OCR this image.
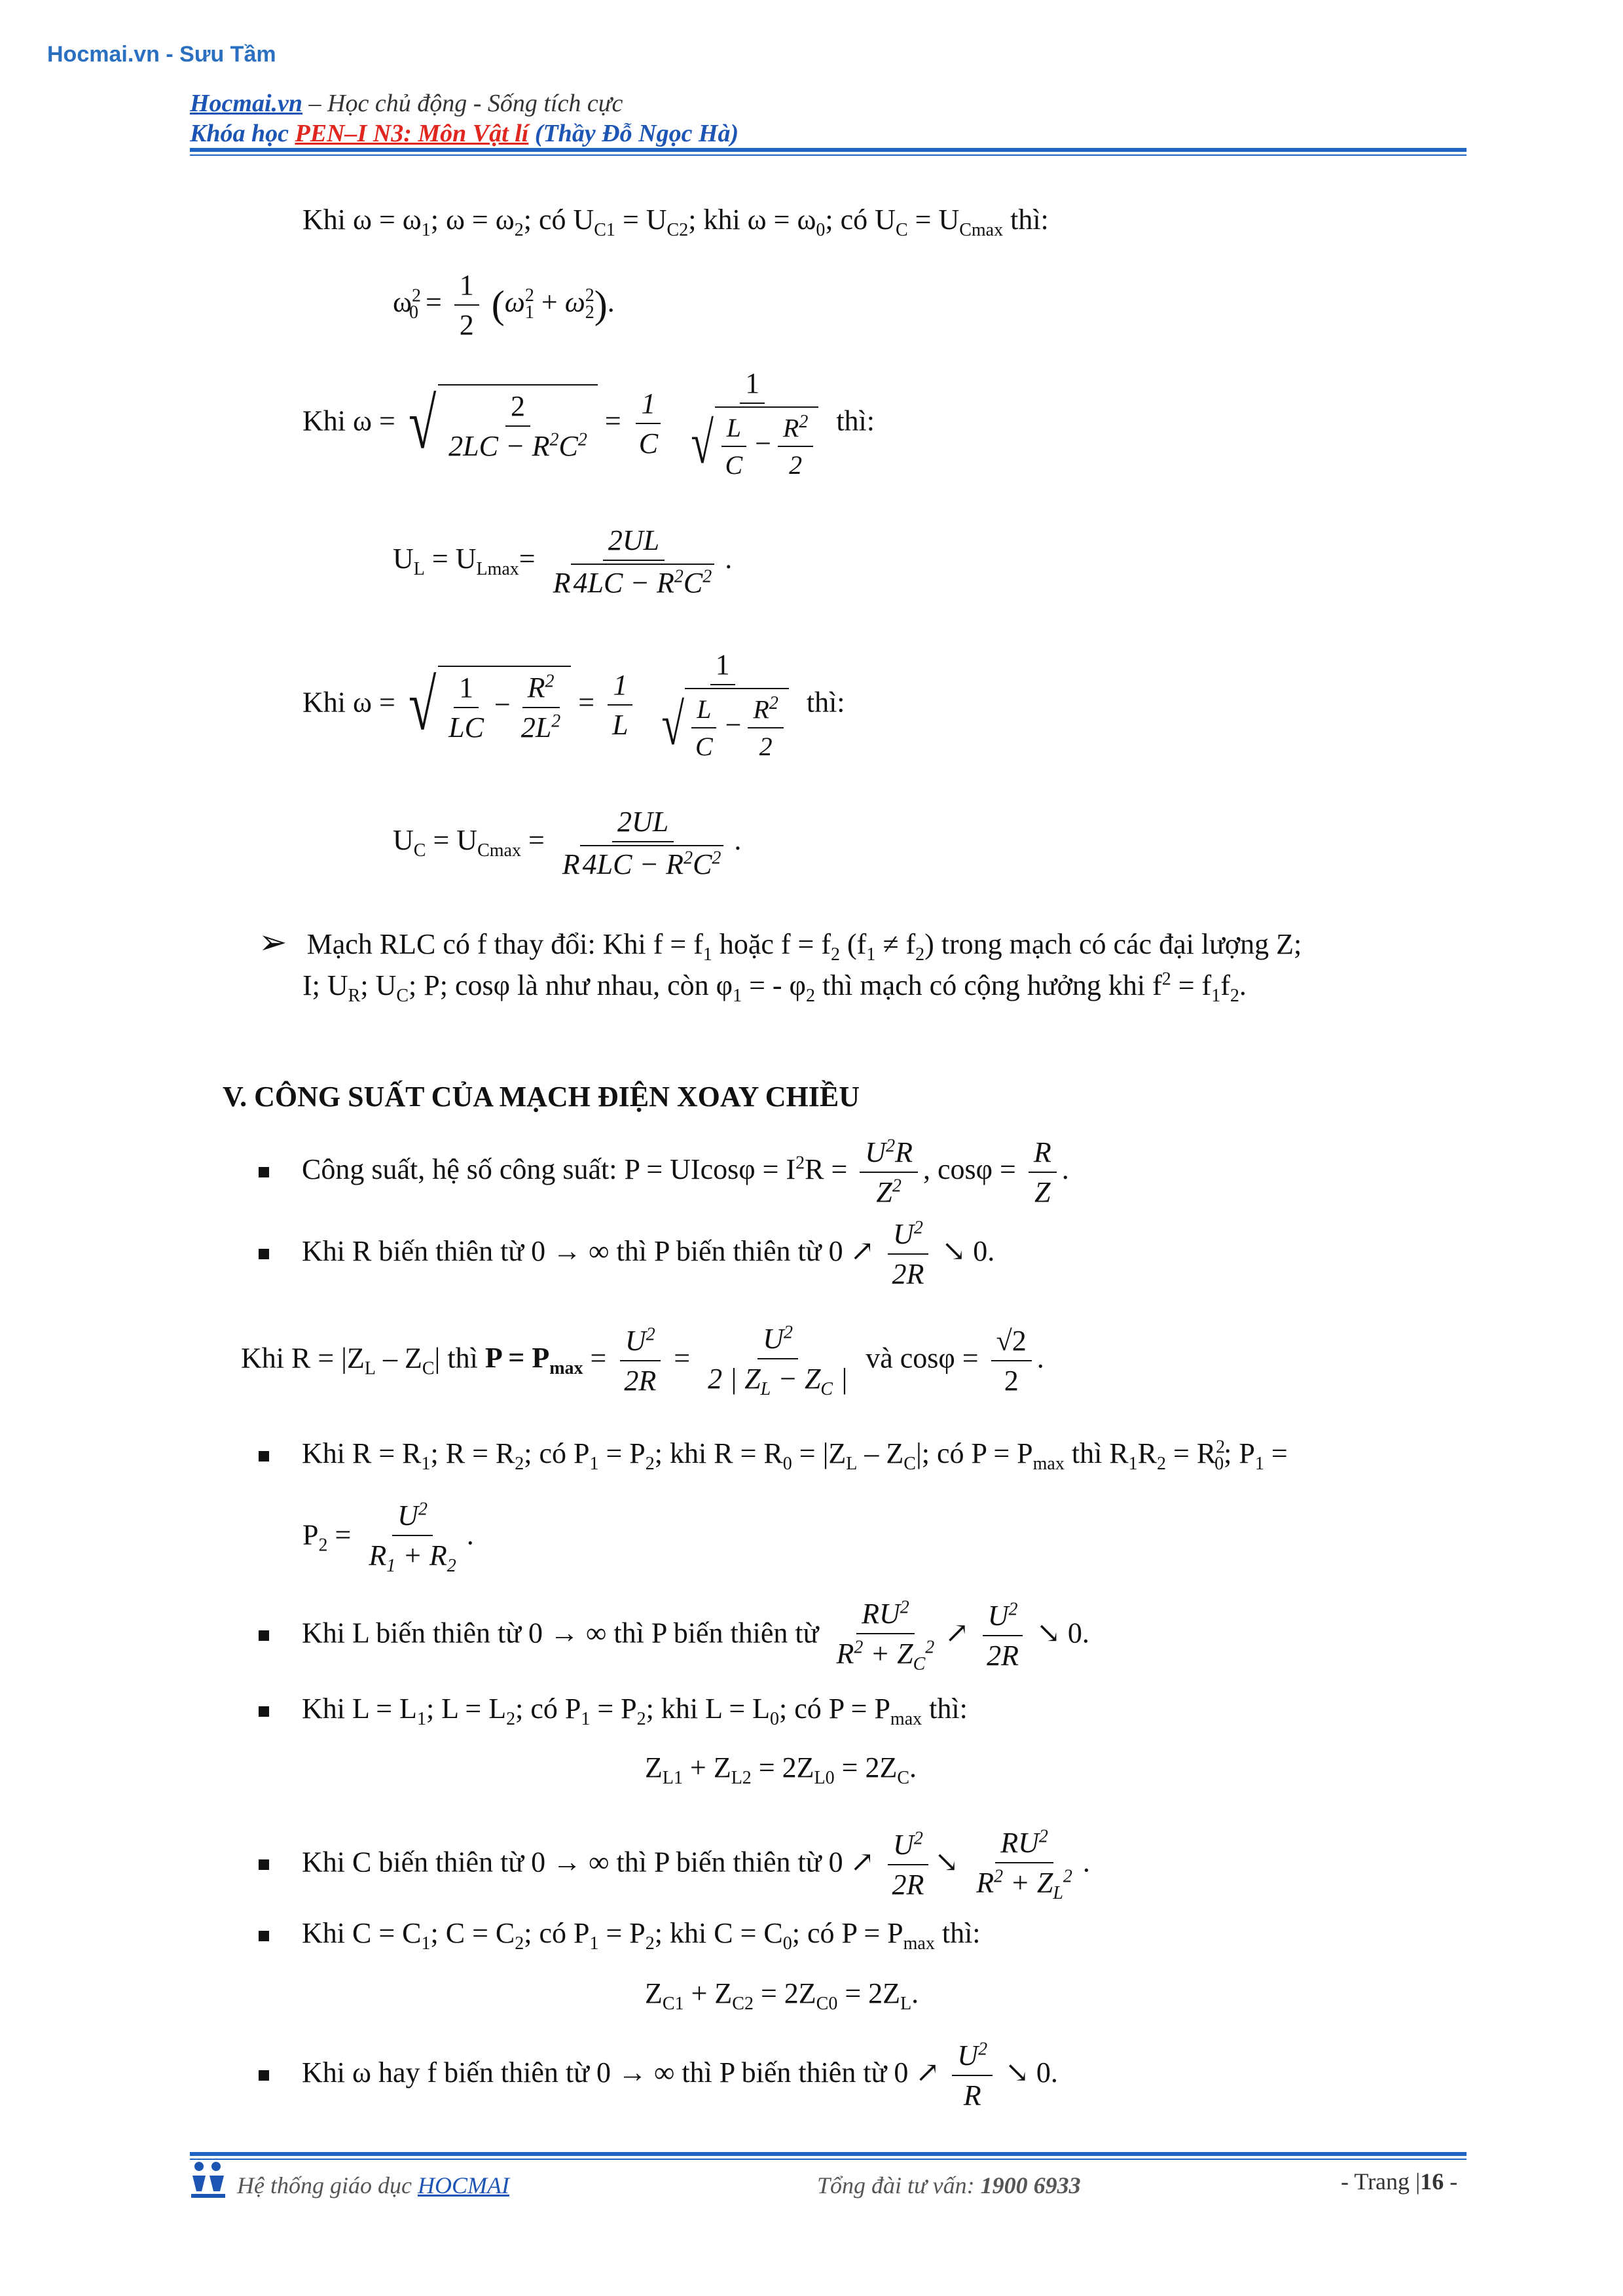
Hocmai.vn - Sưu Tầm
Hocmai.vn – Học chủ động - Sống tích cực
Khóa học PEN–I N3: Môn Vật lí (Thầy Đỗ Ngọc Hà)
Khi $\omega = \omega_1$; $\omega = \omega_2$; có $U_{C1} = U_{C2}$; khi $\omega = \omega_0$; có $U_C = U_{Cmax}$ thì:
$\omega^2_0 = \frac{1}{2} (\omega_1^2 + \omega_2^2)$.
Khi ω = √ $\frac{2}{2LC - R^2C^2} = \frac{1}{C}$
$\frac{1}{√ \frac{L}{C} - \frac{R^2}{2}}$ thì:
$U_L = U_{Lmax}= \frac{2UL}{R4LC - R^2C^2}$ .
Khi ω = √ $\frac{1}{LC} - \frac{R^2}{2L^2} = \frac{1}{L}$
$\frac{1}{√ \frac{L}{C} - \frac{R^2}{2}}$ thì:
$U_C = U_{Cmax} = \frac{2UL}{R4LC - R^2C^2}$ .
➢ Mạch RLC có f thay đổi: Khi $f = f_1$ hoặc $f = f_2$ $(f_1 \ne f_2)$ trong mạch có các đại lượng Z;
I; $U_R$; $U_C$; P; cosφ là như nhau, còn $\varphi_1$ = - $\varphi_2$ thì mạch có cộng hưởng khi $f^2 = f_1f_2$.
V. CÔNG SUẤT CỦA MẠCH ĐIỆN XOAY CHIỀU
Công suất, hệ số công suất: $P = UIcos\varphi = I^2R = \frac{U^2R}{Z^2}$ , $\cos\varphi = \frac{R}{Z}$ .
Khi R biến thiên từ 0 → ∞ thì P biến thiên từ 0 ↗ $\frac{U^2}{2R}$ ↘ 0.
Khi $R = |Z_L - Z_C|$ thì $P = P_{max} = \frac{U^2}{2R} = \frac{U^2}{2 | Z_L - Z_C |}$ và $\cos\varphi = \frac{√2}{2}$ .
Khi $R = R_1$; $R = R_2$; có $P_1 = P_2$; khi $R = R_0 = |Z_L - Z_C|$; có $P = P_{max}$ thì $R_1R_2 = R^2_0$; $P_1$ =
$P_2 = \frac{U^2}{R_1 + R_2}$ .
Khi L biến thiên từ 0 → ∞ thì P biến thiên từ $\frac{RU^2}{R^2 + Z_C^2}$ ↗ $\frac{U^2}{2R}$ ↘ 0.
Khi $L = L_1$; $L = L_2$; có $P_1 = P_2$; khi $L = L_0$; có $P = P_{max}$ thì:
$Z_{L1} + Z_{L2} = 2Z_{L0} = 2Z_C$.
Khi C biến thiên từ 0 → ∞ thì P biến thiên từ 0 ↗ $\frac{U^2}{2R}$ ↘ $\frac{RU^2}{R^2 + Z_L^2}$ .
Khi $C = C_1$; $C = C_2$; có $P_1 = P_2$; khi $C = C_0$; có $P = P_{max}$ thì:
$Z_{C1} + Z_{C2} = 2Z_{C0} = 2Z_L$.
Khi ω hay f biến thiên từ 0 → ∞ thì P biến thiên từ 0 ↗ $\frac{U^2}{R}$ ↘ 0.
Hệ thống giáo dục HOCMAI	Tổng đài tư vấn: 1900 6933	- Trang |16 -
